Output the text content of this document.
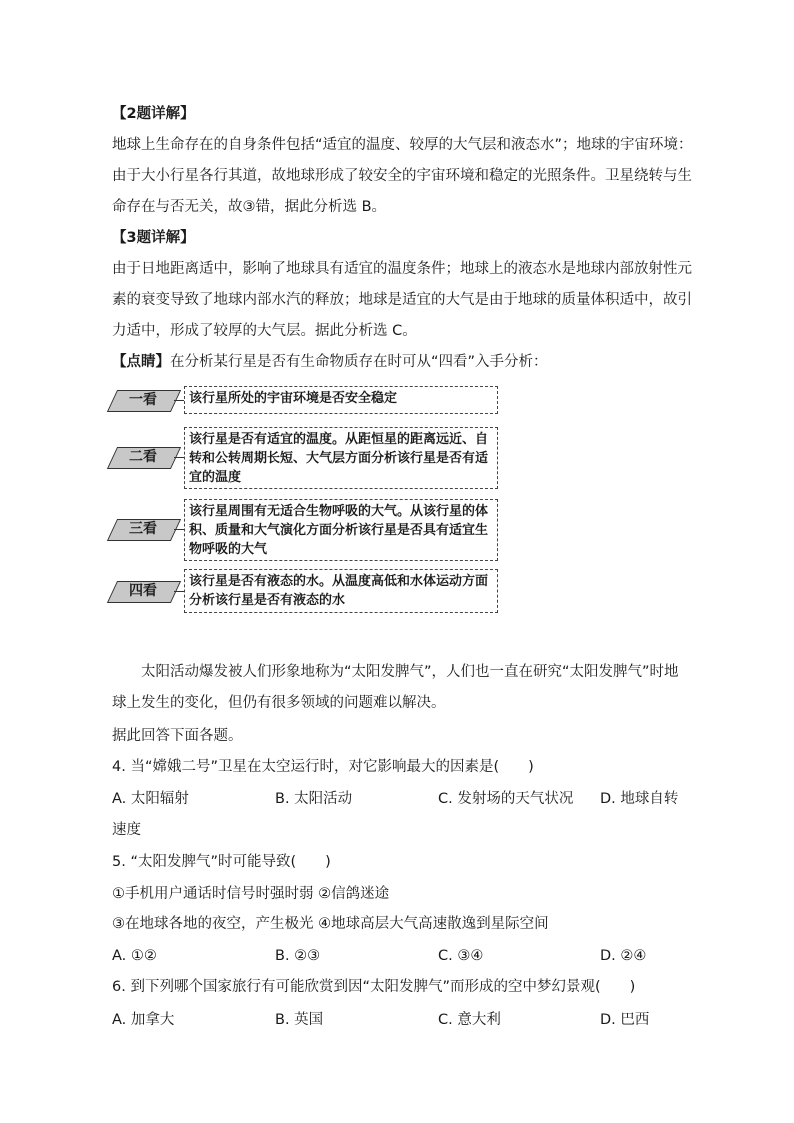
【2题详解】
地球上生命存在的自身条件包括“适宜的温度、较厚的大气层和液态水”；地球的宇宙环境：
由于大小行星各行其道，故地球形成了较安全的宇宙环境和稳定的光照条件。卫星绕转与生
命存在与否无关，故③错，据此分析选 B。
【3题详解】
由于日地距离适中，影响了地球具有适宜的温度条件；地球上的液态水是地球内部放射性元
素的衰变导致了地球内部水汽的释放；地球是适宜的大气是由于地球的质量体积适中，故引
力适中，形成了较厚的大气层。据此分析选 C。
【点睛】在分析某行星是否有生命物质存在时可从“四看”入手分析：
一看	该行星所处的宇宙环境是否安全稳定
二看
该行星是否有适宜的温度。从距恒星的距离远近、自转和公转周期长短、大气层方面分析该行星是否有适宜的温度
三看
该行星周围有无适合生物呼吸的大气。从该行星的体积、质量和大气演化方面分析该行星是否具有适宜生物呼吸的大气
四看
该行星是否有液态的水。从温度高低和水体运动方面分析该行星是否有液态的水
太阳活动爆发被人们形象地称为“太阳发脾气”，人们也一直在研究“太阳发脾气”时地
球上发生的变化，但仍有很多领域的问题难以解决。
据此回答下面各题。
4. 当“嫦娥二号”卫星在太空运行时，对它影响最大的因素是(　　)
A. 太阳辐射	B. 太阳活动	C. 发射场的天气状况 D. 地球自转
速度
5. “太阳发脾气”时可能导致(　　)
①手机用户通话时信号时强时弱 ②信鸽迷途
③在地球各地的夜空，产生极光 ④地球高层大气高速散逸到星际空间
A. ①②	B. ②③	C. ③④	D. ②④
6. 到下列哪个国家旅行有可能欣赏到因“太阳发脾气”而形成的空中梦幻景观(　　)
A. 加拿大	B. 英国	C. 意大利	D. 巴西
